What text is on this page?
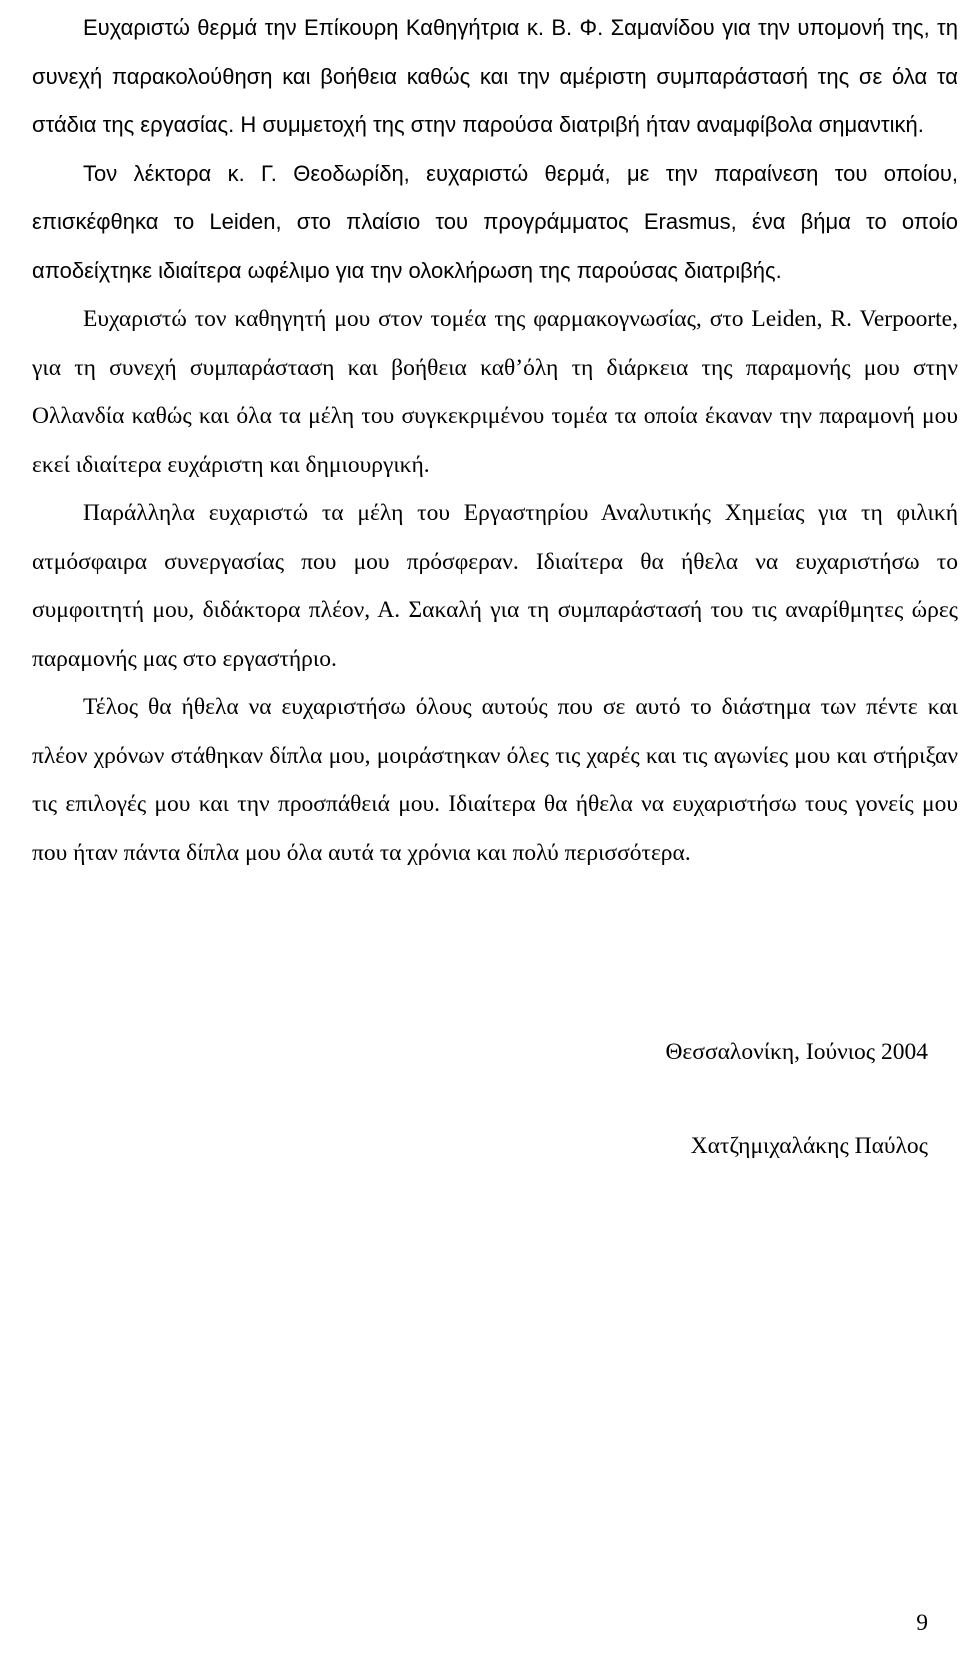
Ευχαριστώ θερμά την Επίκουρη Καθηγήτρια κ. Β. Φ. Σαμανίδου για την υπομονή της, τη συνεχή παρακολούθηση και βοήθεια καθώς και την αμέριστη συμπαράστασή της σε όλα τα στάδια της εργασίας. Η συμμετοχή της στην παρούσα διατριβή ήταν αναμφίβολα σημαντική.

Τον λέκτορα κ. Γ. Θεοδωρίδη, ευχαριστώ θερμά, με την παραίνεση του οποίου, επισκέφθηκα το Leiden, στο πλαίσιο του προγράμματος Erasmus, ένα βήμα το οποίο αποδείχτηκε ιδιαίτερα ωφέλιμο για την ολοκλήρωση της παρούσας διατριβής.

Ευχαριστώ τον καθηγητή μου στον τομέα της φαρμακογνωσίας, στο Leiden, R. Verpoorte, για τη συνεχή συμπαράσταση και βοήθεια καθ’όλη τη διάρκεια της παραμονής μου στην Ολλανδία καθώς και όλα τα μέλη του συγκεκριμένου τομέα τα οποία έκαναν την παραμονή μου εκεί ιδιαίτερα ευχάριστη και δημιουργική.

Παράλληλα ευχαριστώ τα μέλη του Εργαστηρίου Αναλυτικής Χημείας για τη φιλική ατμόσφαιρα συνεργασίας που μου πρόσφεραν. Ιδιαίτερα θα ήθελα να ευχαριστήσω το συμφοιτητή μου, διδάκτορα πλέον, Α. Σακαλή για τη συμπαράστασή του τις αναρίθμητες ώρες παραμονής μας στο εργαστήριο.

Τέλος θα ήθελα να ευχαριστήσω όλους αυτούς που σε αυτό το διάστημα των πέντε και πλέον χρόνων στάθηκαν δίπλα μου, μοιράστηκαν όλες τις χαρές και τις αγωνίες μου και στήριξαν τις επιλογές μου και την προσπάθειά μου. Ιδιαίτερα θα ήθελα να ευχαριστήσω τους γονείς μου που ήταν πάντα δίπλα μου όλα αυτά τα χρόνια και πολύ περισσότερα.

Θεσσαλονίκη, Ιούνιος 2004
Χατζημιχαλάκης Παύλος
9
